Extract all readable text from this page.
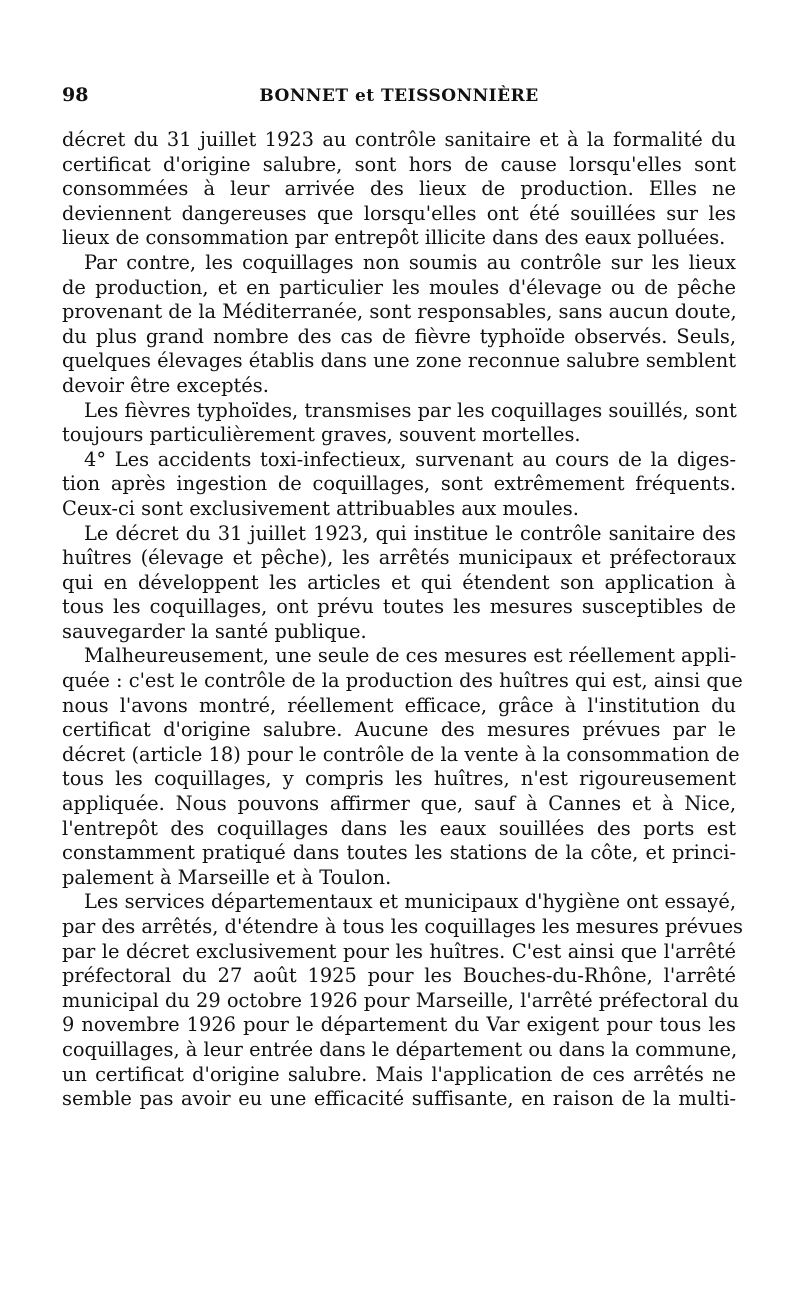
98	BONNET et TEISSONNIÈRE
décret du 31 juillet 1923 au contrôle sanitaire et à la formalité du
certificat d'origine salubre, sont hors de cause lorsqu'elles sont
consommées à leur arrivée des lieux de production. Elles ne
deviennent dangereuses que lorsqu'elles ont été souillées sur les
lieux de consommation par entrepôt illicite dans des eaux polluées.
Par contre, les coquillages non soumis au contrôle sur les lieux
de production, et en particulier les moules d'élevage ou de pêche
provenant de la Méditerranée, sont responsables, sans aucun doute,
du plus grand nombre des cas de fièvre typhoïde observés. Seuls,
quelques élevages établis dans une zone reconnue salubre semblent
devoir être exceptés.
Les fièvres typhoïdes, transmises par les coquillages souillés, sont
toujours particulièrement graves, souvent mortelles.
4° Les accidents toxi-infectieux, survenant au cours de la diges-
tion après ingestion de coquillages, sont extrêmement fréquents.
Ceux-ci sont exclusivement attribuables aux moules.
Le décret du 31 juillet 1923, qui institue le contrôle sanitaire des
huîtres (élevage et pêche), les arrêtés municipaux et préfectoraux
qui en développent les articles et qui étendent son application à
tous les coquillages, ont prévu toutes les mesures susceptibles de
sauvegarder la santé publique.
Malheureusement, une seule de ces mesures est réellement appli-
quée : c'est le contrôle de la production des huîtres qui est, ainsi que
nous l'avons montré, réellement efficace, grâce à l'institution du
certificat d'origine salubre. Aucune des mesures prévues par le
décret (article 18) pour le contrôle de la vente à la consommation de
tous les coquillages, y compris les huîtres, n'est rigoureusement
appliquée. Nous pouvons affirmer que, sauf à Cannes et à Nice,
l'entrepôt des coquillages dans les eaux souillées des ports est
constamment pratiqué dans toutes les stations de la côte, et princi-
palement à Marseille et à Toulon.
Les services départementaux et municipaux d'hygiène ont essayé,
par des arrêtés, d'étendre à tous les coquillages les mesures prévues
par le décret exclusivement pour les huîtres. C'est ainsi que l'arrêté
préfectoral du 27 août 1925 pour les Bouches-du-Rhône, l'arrêté
municipal du 29 octobre 1926 pour Marseille, l'arrêté préfectoral du
9 novembre 1926 pour le département du Var exigent pour tous les
coquillages, à leur entrée dans le département ou dans la commune,
un certificat d'origine salubre. Mais l'application de ces arrêtés ne
semble pas avoir eu une efficacité suffisante, en raison de la multi-
